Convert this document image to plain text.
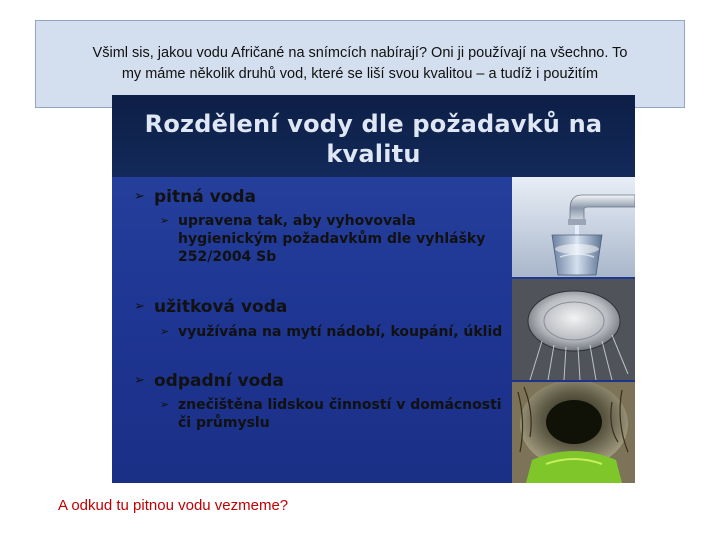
Všiml sis, jakou vodu Afričané na snímcích nabírají? Oni ji používají na všechno. To
my máme několik druhů vod, které se liší svou kvalitou – a tudíž i použitím
Rozdělení vody dle požadavků na
kvalitu
➢ pitná voda
➢ upravena tak, aby vyhovovala
hygienickým požadavkům dle vyhlášky
252/2004 Sb
➢ užitková voda
➢ využívána na mytí nádobí, koupání, úklid
➢ odpadní voda
➢ znečištěna lidskou činností v domácnosti
či průmyslu
A odkud tu pitnou vodu vezmeme?
